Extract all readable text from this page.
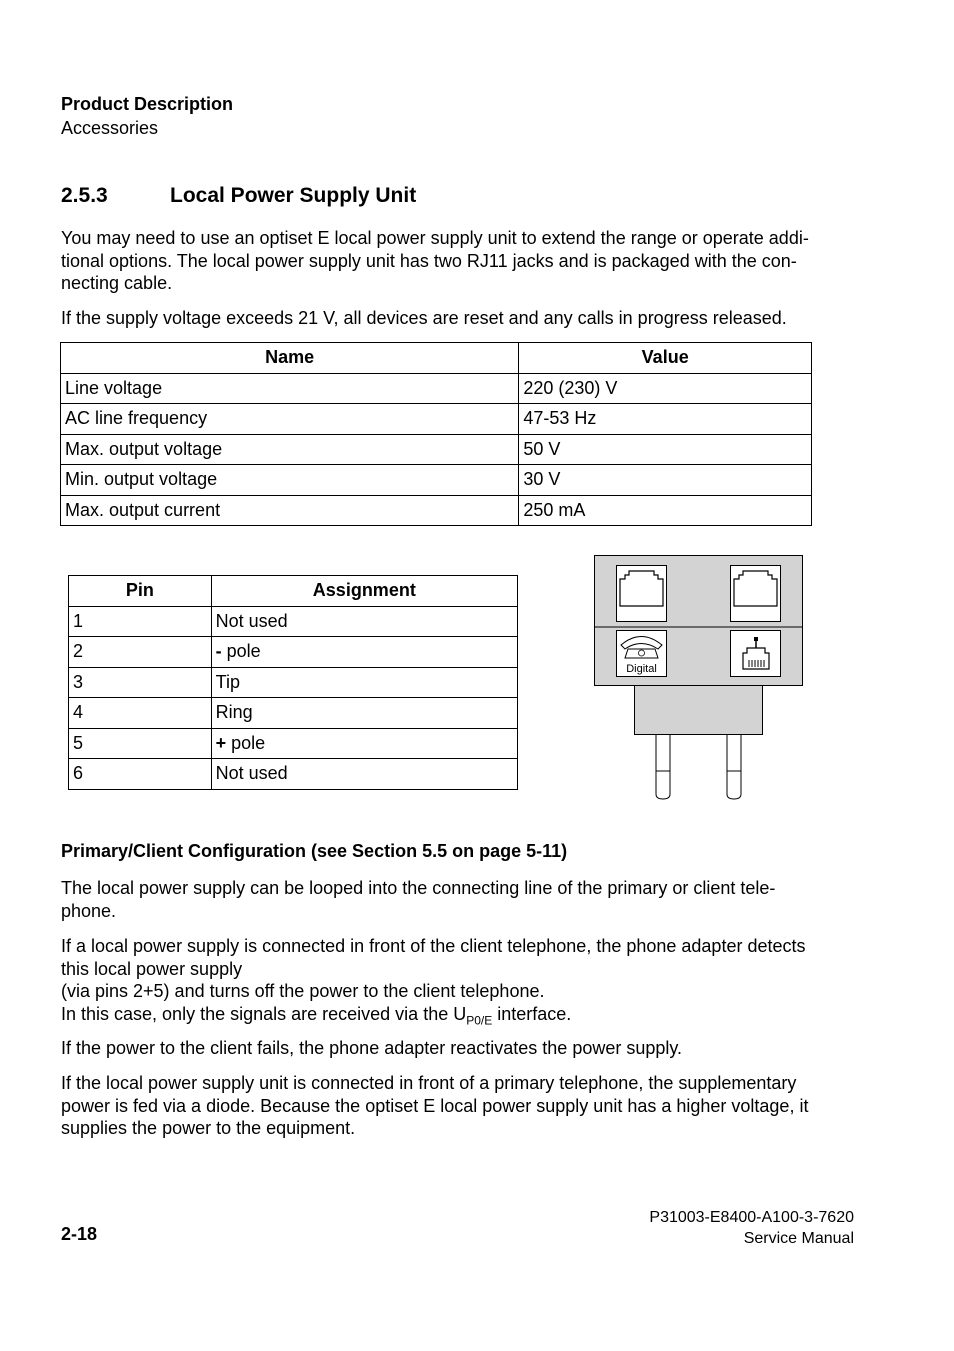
Product Description
Accessories
2.5.3	Local Power Supply Unit

You may need to use an optiset E local power supply unit to extend the range or operate addi-
tional options. The local power supply unit has two RJ11 jacks and is packaged with the con-
necting cable.

If the supply voltage exceeds 21 V, all devices are reset and any calls in progress released.

Name	Value
Line voltage	220 (230) V
AC line frequency	47-53 Hz
Max. output voltage	50 V
Min. output voltage	30 V
Max. output current	250 mA
Pin	Assignment
1	Not used
2	- pole
3	Tip
4	Ring
5	+ pole
6	Not used
Digital
Primary/Client Configuration (see Section 5.5 on page 5-11)

The local power supply can be looped into the connecting line of the primary or client tele-
phone.

If a local power supply is connected in front of the client telephone, the phone adapter detects
this local power supply
(via pins 2+5) and turns off the power to the client telephone.
In this case, only the signals are received via the $U_{P0/E}$ interface.

If the power to the client fails, the phone adapter reactivates the power supply.

If the local power supply unit is connected in front of a primary telephone, the supplementary
power is fed via a diode. Because the optiset E local power supply unit has a higher voltage, it
supplies the power to the equipment.

2-18
P31003-E8400-A100-3-7620
Service Manual
